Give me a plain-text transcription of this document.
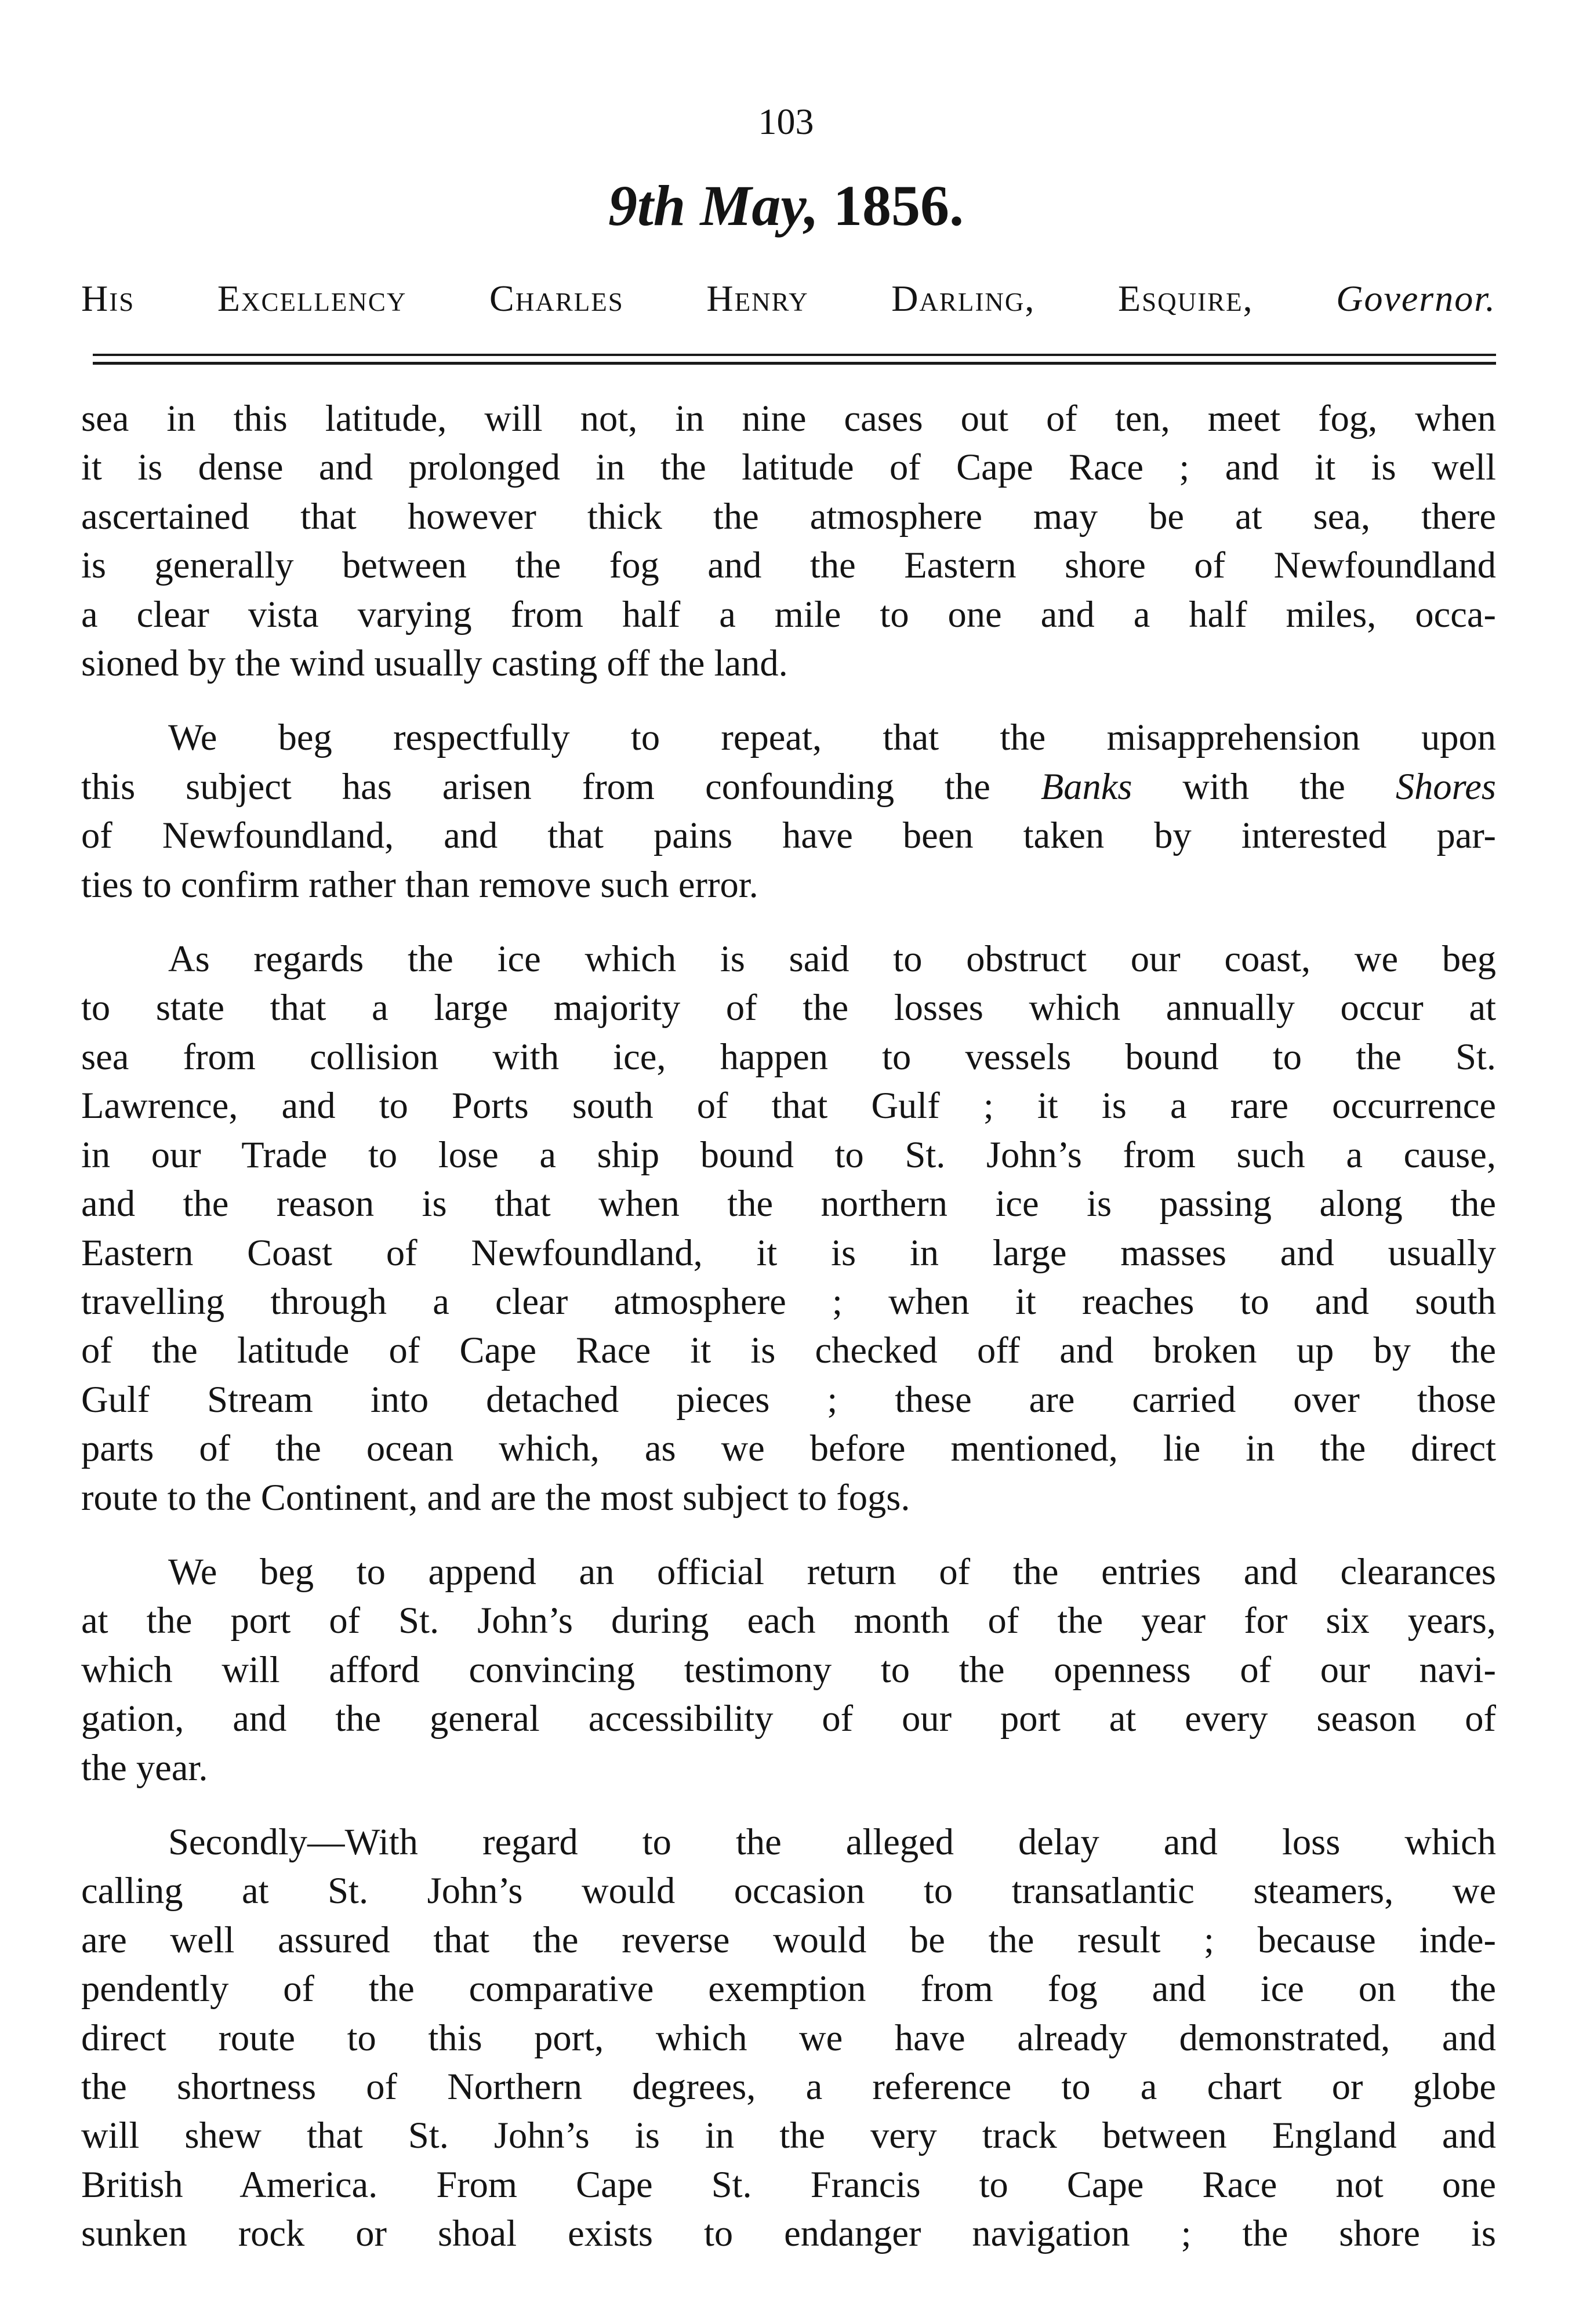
103
9th May, 1856.
His Excellency Charles Henry Darling, Esquire, Governor.
sea in this latitude, will not, in nine cases out of ten, meet fog, when
it is dense and prolonged in the latitude of Cape Race ; and it is well
ascertained that however thick the atmosphere may be at sea, there
is generally between the fog and the Eastern shore of Newfoundland
a clear vista varying from half a mile to one and a half miles, occa-
sioned by the wind usually casting off the land.
We beg respectfully to repeat, that the misapprehension upon
this subject has arisen from confounding the Banks with the Shores
of Newfoundland, and that pains have been taken by interested par-
ties to confirm rather than remove such error.
As regards the ice which is said to obstruct our coast, we beg
to state that a large majority of the losses which annually occur at
sea from collision with ice, happen to vessels bound to the St.
Lawrence, and to Ports south of that Gulf ; it is a rare occurrence
in our Trade to lose a ship bound to St. John’s from such a cause,
and the reason is that when the northern ice is passing along the
Eastern Coast of Newfoundland, it is in large masses and usually
travelling through a clear atmosphere ; when it reaches to and south
of the latitude of Cape Race it is checked off and broken up by the
Gulf Stream into detached pieces ; these are carried over those
parts of the ocean which, as we before mentioned, lie in the direct
route to the Continent, and are the most subject to fogs.
We beg to append an official return of the entries and clearances
at the port of St. John’s during each month of the year for six years,
which will afford convincing testimony to the openness of our navi-
gation, and the general accessibility of our port at every season of
the year.
Secondly—With regard to the alleged delay and loss which
calling at St. John’s would occasion to transatlantic steamers, we
are well assured that the reverse would be the result ; because inde-
pendently of the comparative exemption from fog and ice on the
direct route to this port, which we have already demonstrated, and
the shortness of Northern degrees, a reference to a chart or globe
will shew that St. John’s is in the very track between England and
British America. From Cape St. Francis to Cape Race not one
sunken rock or shoal exists to endanger navigation ; the shore is
